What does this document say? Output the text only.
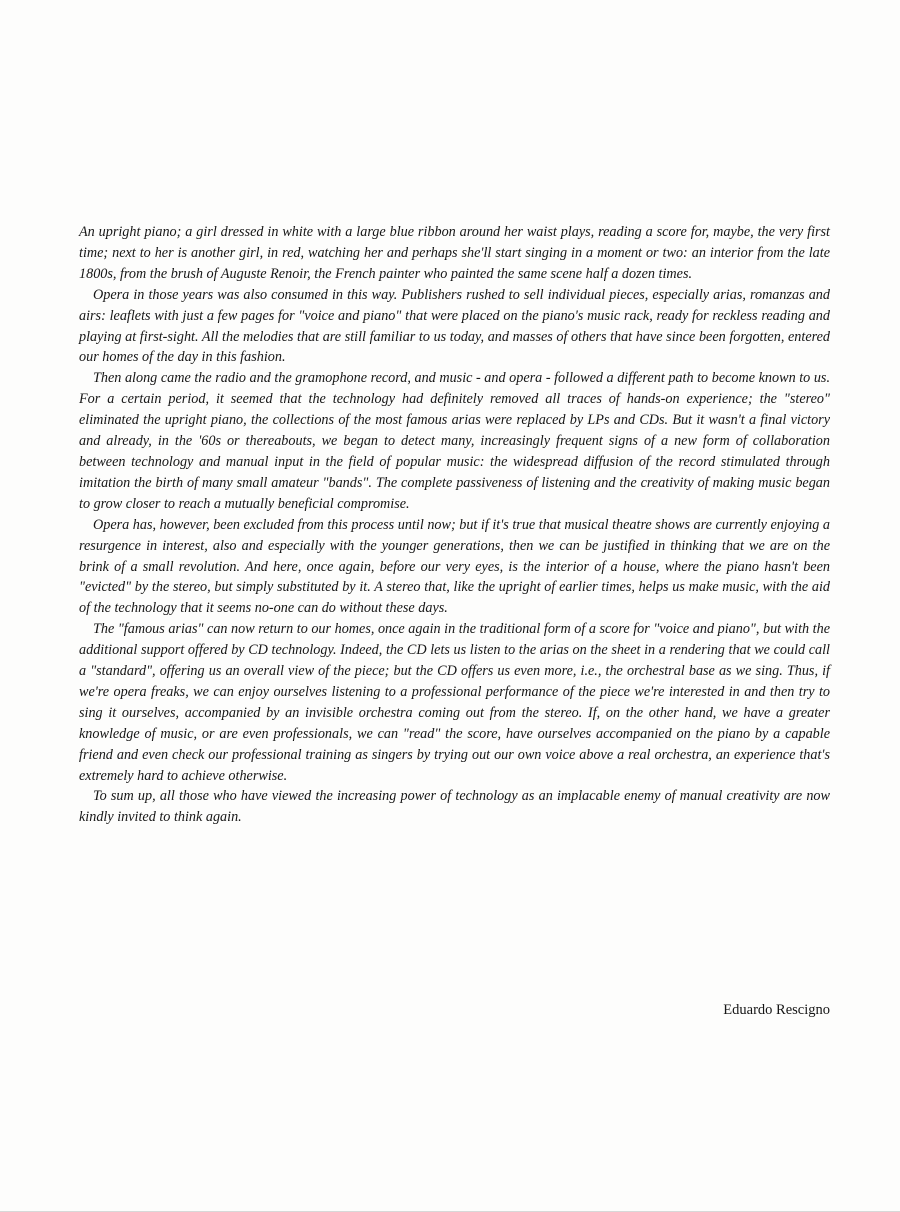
An upright piano; a girl dressed in white with a large blue ribbon around her waist plays, reading a score for, maybe, the very first time; next to her is another girl, in red, watching her and perhaps she'll start singing in a moment or two: an interior from the late 1800s, from the brush of Auguste Renoir, the French painter who painted the same scene half a dozen times.

Opera in those years was also consumed in this way. Publishers rushed to sell individual pieces, especially arias, romanzas and airs: leaflets with just a few pages for "voice and piano" that were placed on the piano's music rack, ready for reckless reading and playing at first-sight. All the melodies that are still familiar to us today, and masses of others that have since been forgotten, entered our homes of the day in this fashion.

Then along came the radio and the gramophone record, and music - and opera - followed a different path to become known to us. For a certain period, it seemed that the technology had definitely removed all traces of hands-on experience; the "stereo" eliminated the upright piano, the collections of the most famous arias were replaced by LPs and CDs. But it wasn't a final victory and already, in the '60s or thereabouts, we began to detect many, increasingly frequent signs of a new form of collaboration between technology and manual input in the field of popular music: the widespread diffusion of the record stimulated through imitation the birth of many small amateur "bands". The complete passiveness of listening and the creativity of making music began to grow closer to reach a mutually beneficial compromise.

Opera has, however, been excluded from this process until now; but if it's true that musical theatre shows are currently enjoying a resurgence in interest, also and especially with the younger generations, then we can be justified in thinking that we are on the brink of a small revolution. And here, once again, before our very eyes, is the interior of a house, where the piano hasn't been "evicted" by the stereo, but simply substituted by it. A stereo that, like the upright of earlier times, helps us make music, with the aid of the technology that it seems no-one can do without these days.

The "famous arias" can now return to our homes, once again in the traditional form of a score for "voice and piano", but with the additional support offered by CD technology. Indeed, the CD lets us listen to the arias on the sheet in a rendering that we could call a "standard", offering us an overall view of the piece; but the CD offers us even more, i.e., the orchestral base as we sing. Thus, if we're opera freaks, we can enjoy ourselves listening to a professional performance of the piece we're interested in and then try to sing it ourselves, accompanied by an invisible orchestra coming out from the stereo. If, on the other hand, we have a greater knowledge of music, or are even professionals, we can "read" the score, have ourselves accompanied on the piano by a capable friend and even check our professional training as singers by trying out our own voice above a real orchestra, an experience that's extremely hard to achieve otherwise.

To sum up, all those who have viewed the increasing power of technology as an implacable enemy of manual creativity are now kindly invited to think again.

Eduardo Rescigno
